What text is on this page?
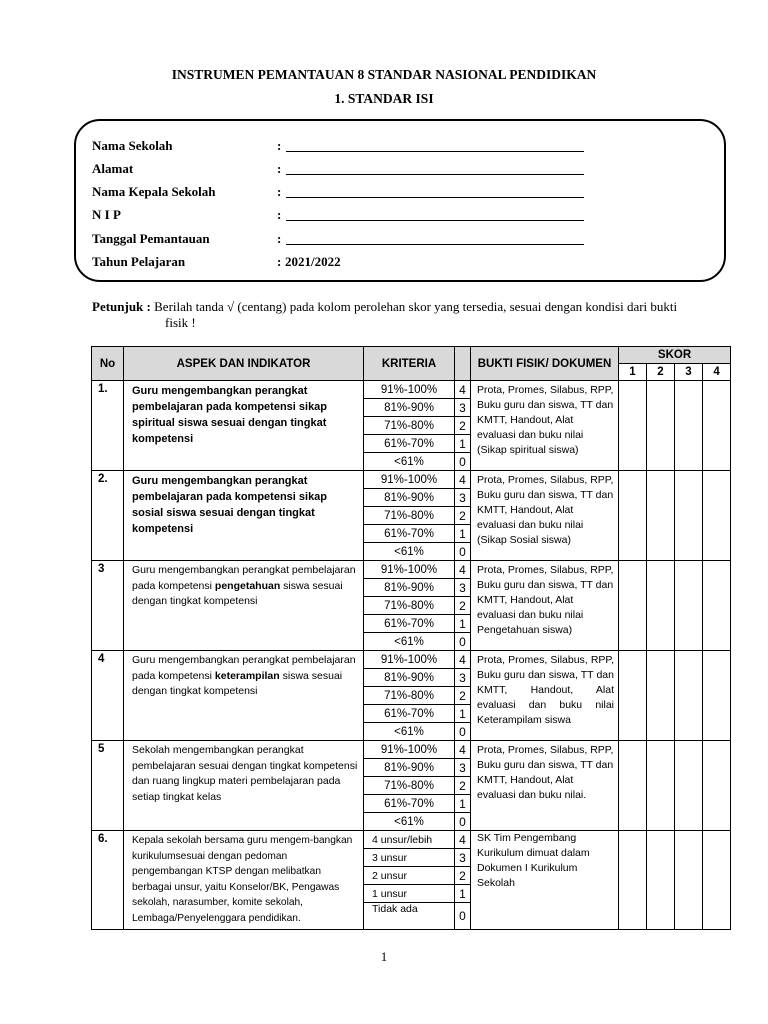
INSTRUMEN PEMANTAUAN 8 STANDAR NASIONAL PENDIDIKAN
1. STANDAR ISI
Nama Sekolah	:
Alamat	:
Nama Kepala Sekolah	:
N I P	:
Tanggal Pemantauan	:
Tahun Pelajaran	: 2021/2022
Petunjuk : Berilah tanda √ (centang) pada kolom perolehan skor yang tersedia, sesuai dengan kondisi dari bukti
fisik !
No	ASPEK DAN INDIKATOR	KRITERIA		BUKTI FISIK/ DOKUMEN	SKOR			
					1	2	3	4
1.	Guru mengembangkan perangkat pembelajaran pada kompetensi sikap spiritual siswa sesuai dengan tingkat kompetensi	91%-100%	4	Prota, Promes, Silabus, RPP, Buku guru dan siswa, TT dan KMTT, Handout, Alat evaluasi dan buku nilai (Sikap spiritual siswa)				
		81%-90%	3					
		71%-80%	2					
		61%-70%	1					
		<61%	0					
2.	Guru mengembangkan perangkat pembelajaran pada kompetensi sikap sosial siswa sesuai dengan tingkat kompetensi	91%-100%	4	Prota, Promes, Silabus, RPP, Buku guru dan siswa, TT dan KMTT, Handout, Alat evaluasi dan buku nilai (Sikap Sosial siswa)				
		81%-90%	3					
		71%-80%	2					
		61%-70%	1					
		<61%	0					
3	Guru mengembangkan perangkat pembelajaran pada kompetensi pengetahuan siswa sesuai dengan tingkat kompetensi	91%-100%	4	Prota, Promes, Silabus, RPP, Buku guru dan siswa, TT dan KMTT, Handout, Alat evaluasi dan buku nilai Pengetahuan siswa)				
		81%-90%	3					
		71%-80%	2					
		61%-70%	1					
		<61%	0					
4	Guru mengembangkan perangkat pembelajaran pada kompetensi keterampilan siswa sesuai dengan tingkat kompetensi	91%-100%	4	Prota, Promes, Silabus, RPP, Buku guru dan siswa, TT dan KMTT, Handout, Alat evaluasi dan buku nilai Keterampilam siswa				
		81%-90%	3					
		71%-80%	2					
		61%-70%	1					
		<61%	0					
5	Sekolah mengembangkan perangkat pembelajaran sesuai dengan tingkat kompetensi dan ruang lingkup materi pembelajaran pada setiap tingkat kelas	91%-100%	4	Prota, Promes, Silabus, RPP, Buku guru dan siswa, TT dan KMTT, Handout, Alat evaluasi dan buku nilai.				
		81%-90%	3					
		71%-80%	2					
		61%-70%	1					
		<61%	0					
6.	Kepala sekolah bersama guru mengem-bangkan kurikulumsesuai dengan pedoman pengembangan KTSP dengan melibatkan berbagai unsur, yaitu Konselor/BK, Pengawas sekolah, narasumber, komite sekolah, Lembaga/Penyelenggara pendidikan.	4 unsur/lebih	4	SK Tim Pengembang Kurikulum dimuat dalam Dokumen I Kurikulum Sekolah				
		3 unsur	3					
		2 unsur	2					
		1 unsur	1					
		Tidak ada	0					
1
